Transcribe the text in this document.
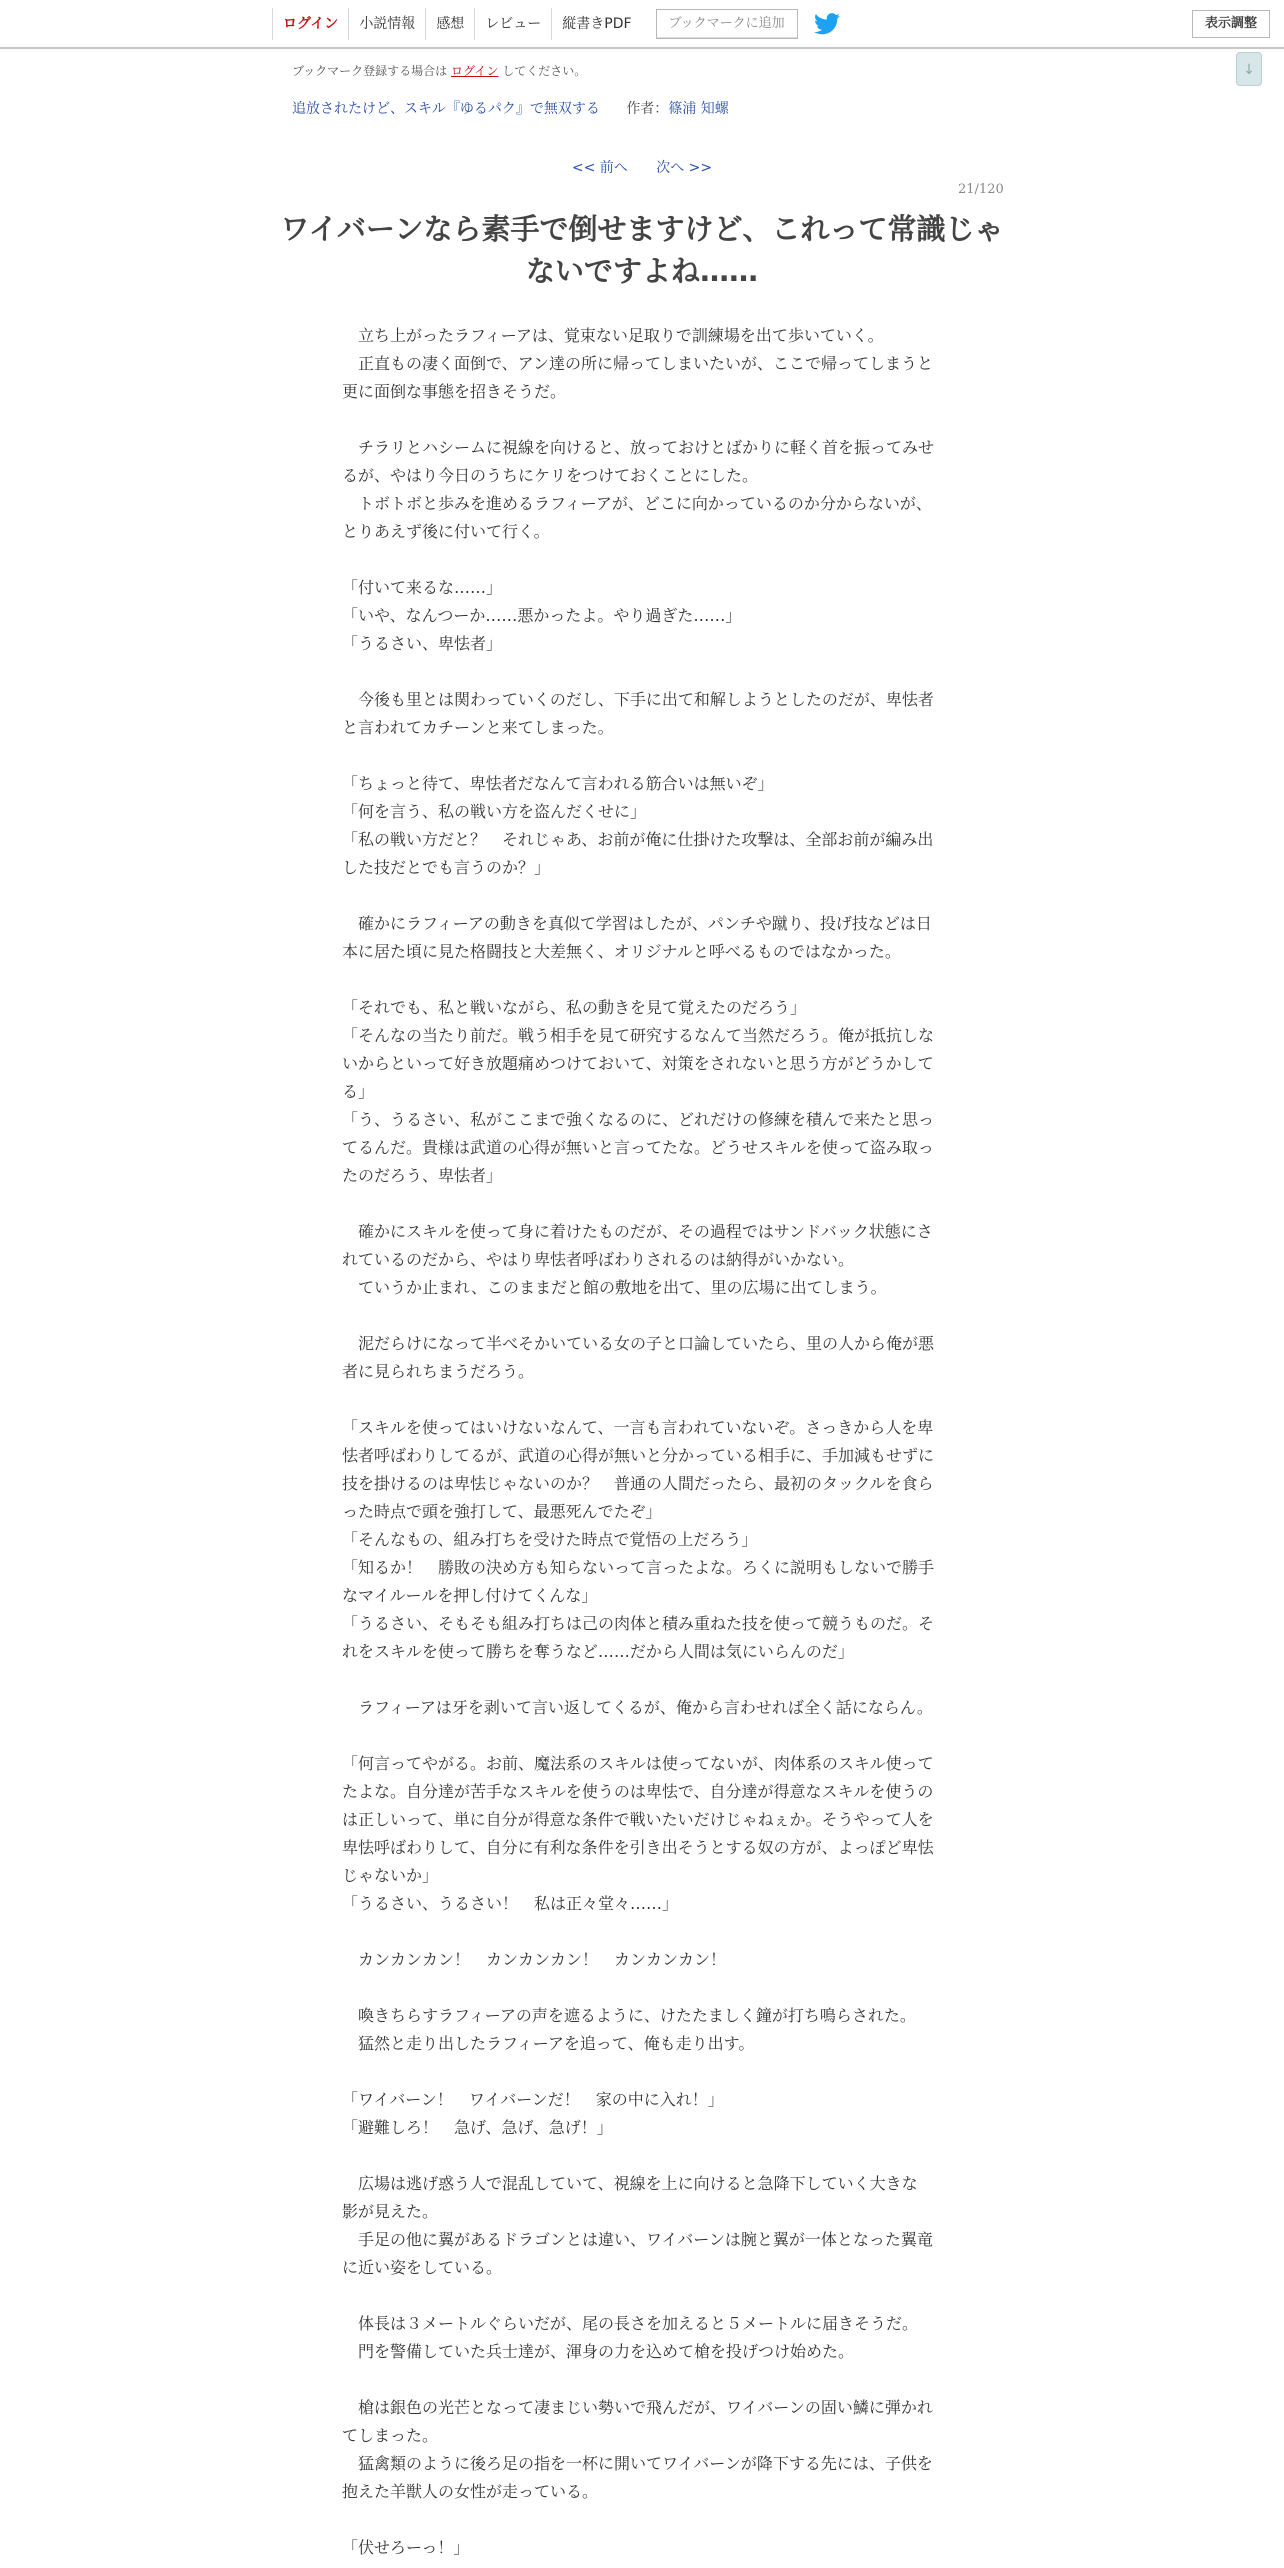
ログイン	小説情報	感想	レビュー	縦書きPDF	ブックマークに追加	表示調整
↓
ブックマーク登録する場合は ログイン してください。
追放されたけど、スキル『ゆるパク』で無双する 作者：篠浦 知螺
<< 前へ 次へ >>
21/120
ワイバーンなら素手で倒せますけど、これって常識じゃないですよね……

　立ち上がったラフィーアは、覚束ない足取りで訓練場を出て歩いていく。

　正直もの凄く面倒で、アン達の所に帰ってしまいたいが、ここで帰ってしまうと

更に面倒な事態を招きそうだ。

　チラリとハシームに視線を向けると、放っておけとばかりに軽く首を振ってみせ

るが、やはり今日のうちにケリをつけておくことにした。

　トボトボと歩みを進めるラフィーアが、どこに向かっているのか分からないが、

とりあえず後に付いて行く。

「付いて来るな……」

「いや、なんつーか……悪かったよ。やり過ぎた……」

「うるさい、卑怯者」

　今後も里とは関わっていくのだし、下手に出て和解しようとしたのだが、卑怯者

と言われてカチーンと来てしまった。

「ちょっと待て、卑怯者だなんて言われる筋合いは無いぞ」

「何を言う、私の戦い方を盗んだくせに」

「私の戦い方だと？　それじゃあ、お前が俺に仕掛けた攻撃は、全部お前が編み出

した技だとでも言うのか？」

　確かにラフィーアの動きを真似て学習はしたが、パンチや蹴り、投げ技などは日

本に居た頃に見た格闘技と大差無く、オリジナルと呼べるものではなかった。

「それでも、私と戦いながら、私の動きを見て覚えたのだろう」

「そんなの当たり前だ。戦う相手を見て研究するなんて当然だろう。俺が抵抗しな

いからといって好き放題痛めつけておいて、対策をされないと思う方がどうかして

る」

「う、うるさい、私がここまで強くなるのに、どれだけの修練を積んで来たと思っ

てるんだ。貴様は武道の心得が無いと言ってたな。どうせスキルを使って盗み取っ

たのだろう、卑怯者」

　確かにスキルを使って身に着けたものだが、その過程ではサンドバック状態にさ

れているのだから、やはり卑怯者呼ばわりされるのは納得がいかない。

　ていうか止まれ、このままだと館の敷地を出て、里の広場に出てしまう。

　泥だらけになって半べそかいている女の子と口論していたら、里の人から俺が悪

者に見られちまうだろう。

「スキルを使ってはいけないなんて、一言も言われていないぞ。さっきから人を卑

怯者呼ばわりしてるが、武道の心得が無いと分かっている相手に、手加減もせずに

技を掛けるのは卑怯じゃないのか？　普通の人間だったら、最初のタックルを食ら

った時点で頭を強打して、最悪死んでたぞ」

「そんなもの、組み打ちを受けた時点で覚悟の上だろう」

「知るか！　勝敗の決め方も知らないって言ったよな。ろくに説明もしないで勝手

なマイルールを押し付けてくんな」

「うるさい、そもそも組み打ちは己の肉体と積み重ねた技を使って競うものだ。そ

れをスキルを使って勝ちを奪うなど……だから人間は気にいらんのだ」

　ラフィーアは牙を剥いて言い返してくるが、俺から言わせれば全く話にならん。

「何言ってやがる。お前、魔法系のスキルは使ってないが、肉体系のスキル使って

たよな。自分達が苦手なスキルを使うのは卑怯で、自分達が得意なスキルを使うの

は正しいって、単に自分が得意な条件で戦いたいだけじゃねぇか。そうやって人を

卑怯呼ばわりして、自分に有利な条件を引き出そうとする奴の方が、よっぽど卑怯

じゃないか」

「うるさい、うるさい！　私は正々堂々……」

　カンカンカン！　カンカンカン！　カンカンカン！

　喚きちらすラフィーアの声を遮るように、けたたましく鐘が打ち鳴らされた。

　猛然と走り出したラフィーアを追って、俺も走り出す。

「ワイバーン！　ワイバーンだ！　家の中に入れ！」

「避難しろ！　急げ、急げ、急げ！」

　広場は逃げ惑う人で混乱していて、視線を上に向けると急降下していく大きな

影が見えた。

　手足の他に翼があるドラゴンとは違い、ワイバーンは腕と翼が一体となった翼竜

に近い姿をしている。

　体長は３メートルぐらいだが、尾の長さを加えると５メートルに届きそうだ。

　門を警備していた兵士達が、渾身の力を込めて槍を投げつけ始めた。

　槍は銀色の光芒となって凄まじい勢いで飛んだが、ワイバーンの固い鱗に弾かれ

てしまった。

　猛禽類のように後ろ足の指を一杯に開いてワイバーンが降下する先には、子供を

抱えた羊獣人の女性が走っている。

「伏せろーっ！」
